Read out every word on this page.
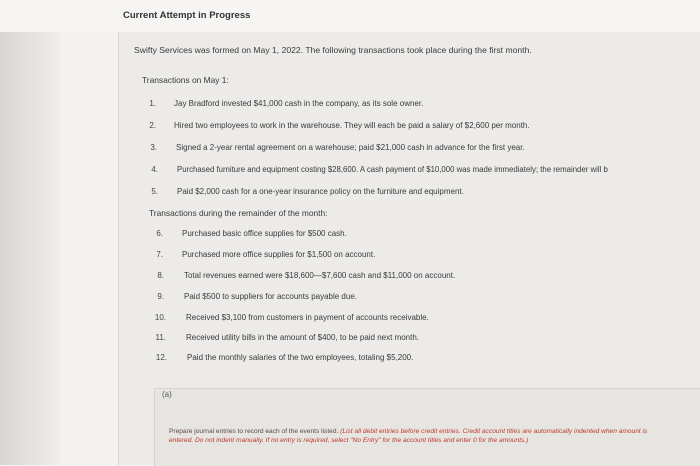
Current Attempt in Progress
Swifty Services was formed on May 1, 2022. The following transactions took place during the first month.
Transactions on May 1:
1. Jay Bradford invested $41,000 cash in the company, as its sole owner.
2. Hired two employees to work in the warehouse. They will each be paid a salary of $2,600 per month.
3. Signed a 2-year rental agreement on a warehouse; paid $21,000 cash in advance for the first year.
4. Purchased furniture and equipment costing $28,600. A cash payment of $10,000 was made immediately; the remainder will b
5. Paid $2,000 cash for a one-year insurance policy on the furniture and equipment.
Transactions during the remainder of the month:
6. Purchased basic office supplies for $500 cash.
7. Purchased more office supplies for $1,500 on account.
8.	Total revenues earned were $18,600—$7,600 cash and $11,000 on account.
9.	Paid $500 to suppliers for accounts payable due.
10.	Received $3,100 from customers in payment of accounts receivable.
11.	Received utility bills in the amount of $400, to be paid next month.
12.	Paid the monthly salaries of the two employees, totaling $5,200.
(a)
Prepare journal entries to record each of the events listed. (List all debit entries before credit entries. Credit account titles are automatically indented when amount is entered. Do not indent manually. If no entry is required, select "No Entry" for the account titles and enter 0 for the amounts.)
